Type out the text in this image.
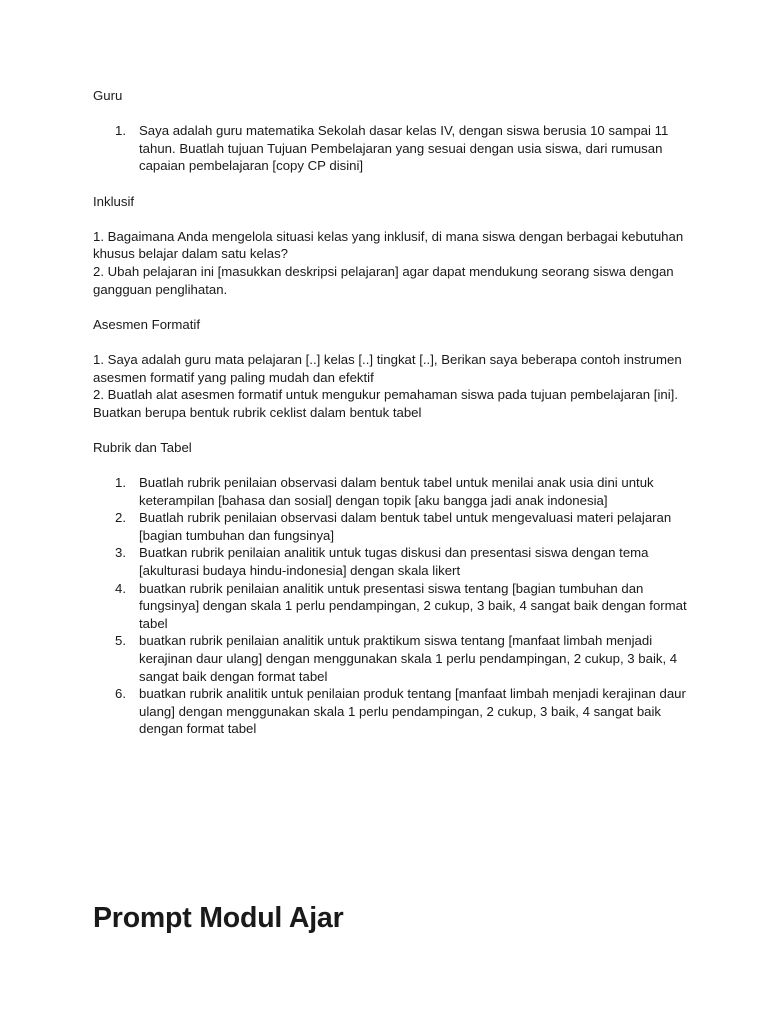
Guru

1. Saya adalah guru matematika Sekolah dasar kelas IV, dengan siswa berusia 10 sampai 11 tahun. Buatlah tujuan Tujuan Pembelajaran yang sesuai dengan usia siswa, dari rumusan capaian pembelajaran [copy CP disini]

Inklusif

1. Bagaimana Anda mengelola situasi kelas yang inklusif, di mana siswa dengan berbagai kebutuhan khusus belajar dalam satu kelas?

2. Ubah pelajaran ini [masukkan deskripsi pelajaran] agar dapat mendukung seorang siswa dengan gangguan penglihatan.

Asesmen Formatif

1. Saya adalah guru mata pelajaran [..] kelas [..] tingkat [..], Berikan saya beberapa contoh instrumen asesmen formatif yang paling mudah dan efektif

2. Buatlah alat asesmen formatif untuk mengukur pemahaman siswa pada tujuan pembelajaran [ini]. Buatkan berupa bentuk rubrik ceklist dalam bentuk tabel

Rubrik dan Tabel

1. Buatlah rubrik penilaian observasi dalam bentuk tabel untuk menilai anak usia dini untuk keterampilan [bahasa dan sosial] dengan topik [aku bangga jadi anak indonesia]
2. Buatlah rubrik penilaian observasi dalam bentuk tabel untuk mengevaluasi materi pelajaran [bagian tumbuhan dan fungsinya]
3. Buatkan rubrik penilaian analitik untuk tugas diskusi dan presentasi siswa dengan tema [akulturasi budaya hindu-indonesia] dengan skala likert
4. buatkan rubrik penilaian analitik untuk presentasi siswa tentang [bagian tumbuhan dan fungsinya] dengan skala 1 perlu pendampingan, 2 cukup, 3 baik, 4 sangat baik dengan format tabel
5. buatkan rubrik penilaian analitik untuk praktikum siswa tentang [manfaat limbah menjadi kerajinan daur ulang] dengan menggunakan skala 1 perlu pendampingan, 2 cukup, 3 baik, 4 sangat baik dengan format tabel
6. buatkan rubrik analitik untuk penilaian produk tentang [manfaat limbah menjadi kerajinan daur ulang] dengan menggunakan skala 1 perlu pendampingan, 2 cukup, 3 baik, 4 sangat baik dengan format tabel
Prompt Modul Ajar
